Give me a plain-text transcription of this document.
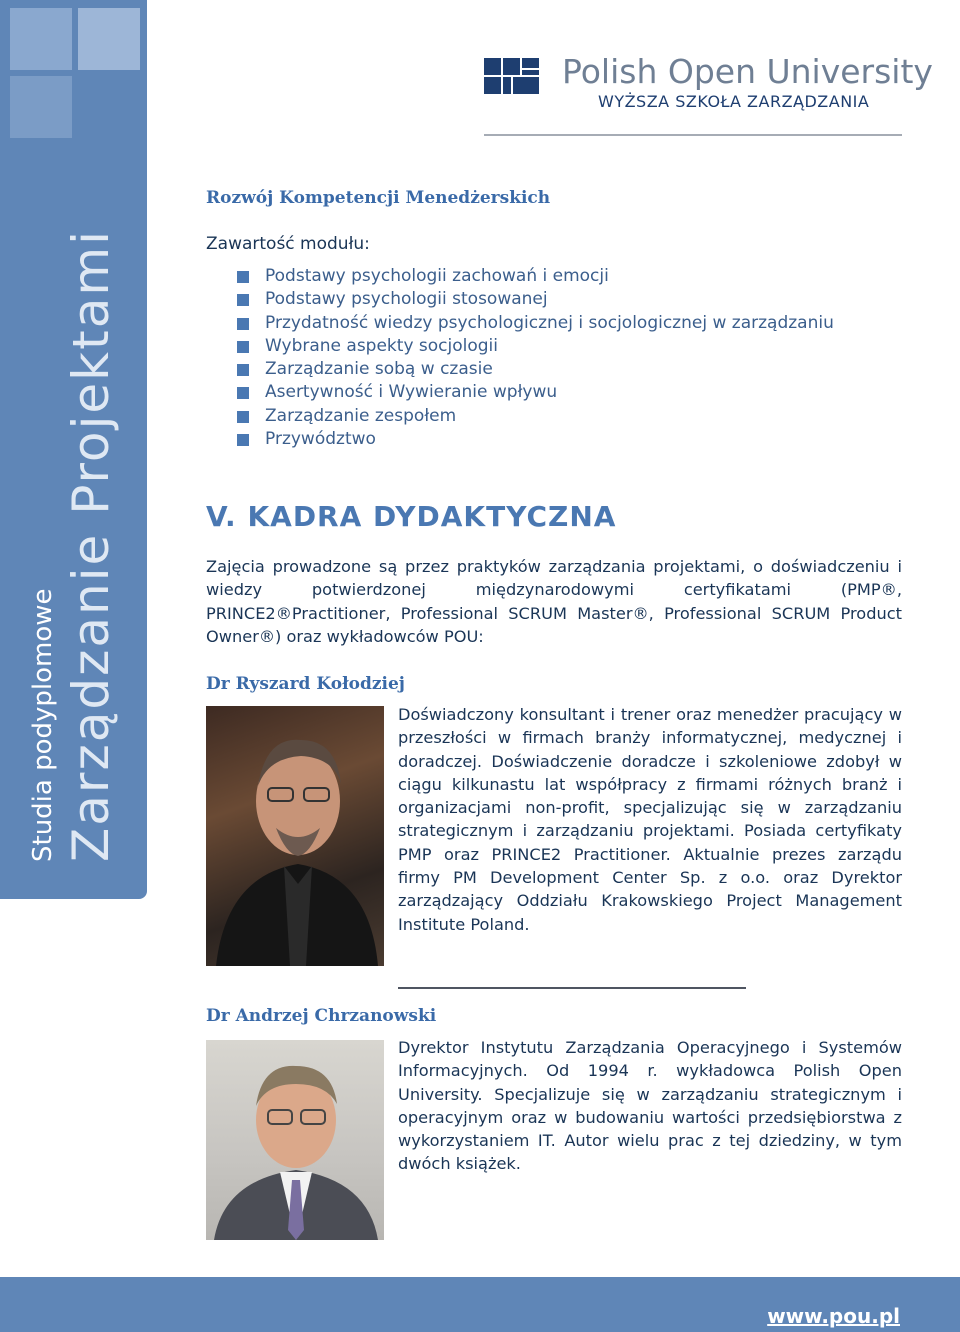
Studia podyplomowe Zarządzanie Projektami
Polish Open University
WYŻSZA SZKOŁA ZARZĄDZANIA
Rozwój Kompetencji Menedżerskich
Zawartość modułu:
Podstawy psychologii zachowań i emocji
Podstawy psychologii stosowanej
Przydatność wiedzy psychologicznej i socjologicznej w zarządzaniu
Wybrane aspekty socjologii
Zarządzanie sobą w czasie
Asertywność i Wywieranie wpływu
Zarządzanie zespołem
Przywództwo
V. KADRA DYDAKTYCZNA

Zajęcia prowadzone są przez praktyków zarządzania projektami, o doświadczeniu i wiedzy potwierdzonej międzynarodowymi certyfikatami (PMP®, PRINCE2®Practitioner, Professional SCRUM Master®, Professional SCRUM Product Owner®) oraz wykładowców POU:

Dr Ryszard Kołodziej
Doświadczony konsultant i trener oraz menedżer pracujący w przeszłości w firmach branży informatycznej, medycznej i doradczej. Doświadczenie doradcze i szkoleniowe zdobył w ciągu kilkunastu lat współpracy z firmami różnych branż i organizacjami non-profit, specjalizując się w zarządzaniu strategicznym i zarządzaniu projektami. Posiada certyfikaty PMP oraz PRINCE2 Practitioner. Aktualnie prezes zarządu firmy PM Development Center Sp. z o.o. oraz Dyrektor zarządzający Oddziału Krakowskiego Project Management Institute Poland.
Dr Andrzej Chrzanowski
Dyrektor Instytutu Zarządzania Operacyjnego i Systemów Informacyjnych. Od 1994 r. wykładowca Polish Open University. Specjalizuje się w zarządzaniu strategicznym i operacyjnym oraz w budowaniu wartości przedsiębiorstwa z wykorzystaniem IT. Autor wielu prac z tej dziedziny, w tym dwóch książek.
www.pou.pl
